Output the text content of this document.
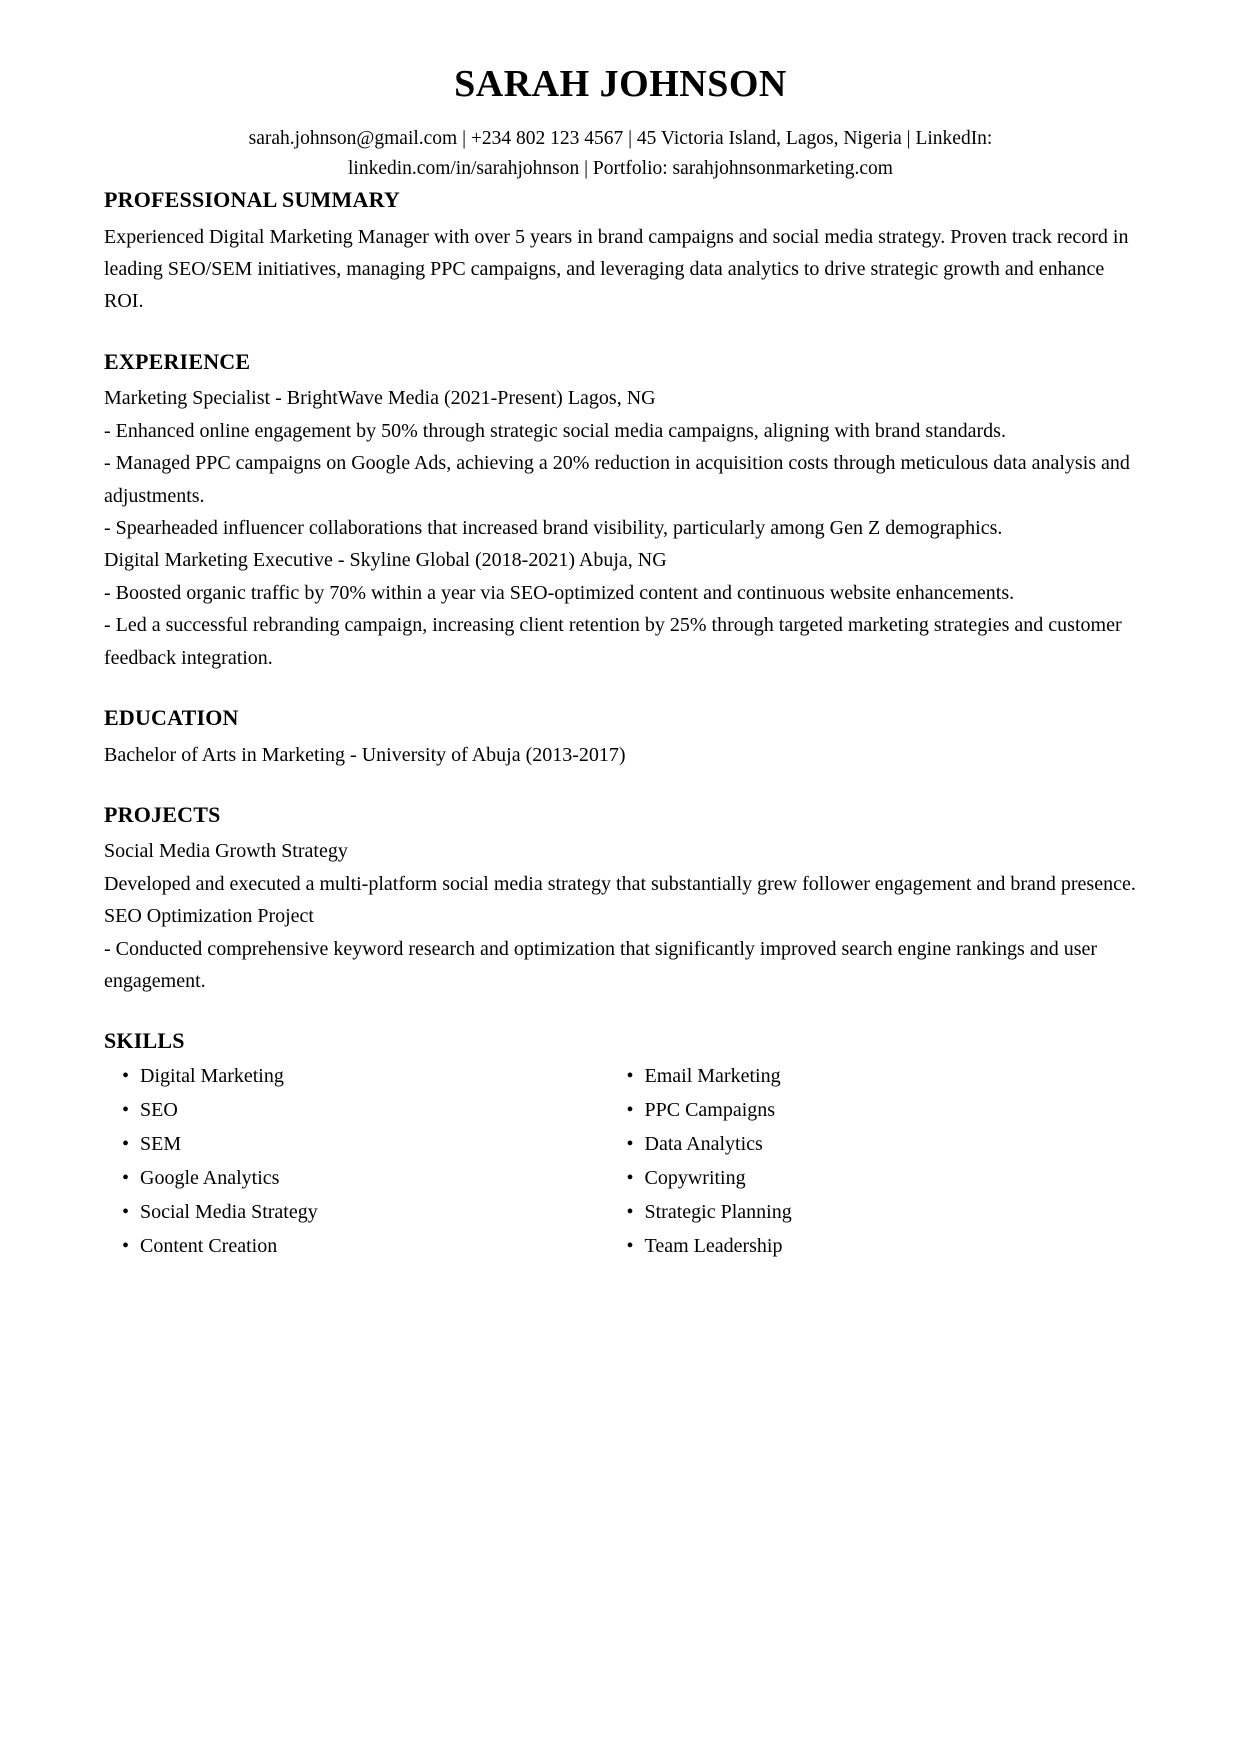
SARAH JOHNSON
sarah.johnson@gmail.com | +234 802 123 4567 | 45 Victoria Island, Lagos, Nigeria | LinkedIn:
linkedin.com/in/sarahjohnson | Portfolio: sarahjohnsonmarketing.com
PROFESSIONAL SUMMARY

Experienced Digital Marketing Manager with over 5 years in brand campaigns and social media strategy. Proven track record in leading SEO/SEM initiatives, managing PPC campaigns, and leveraging data analytics to drive strategic growth and enhance ROI.

EXPERIENCE

Marketing Specialist - BrightWave Media (2021-Present) Lagos, NG

- Enhanced online engagement by 50% through strategic social media campaigns, aligning with brand standards.

- Managed PPC campaigns on Google Ads, achieving a 20% reduction in acquisition costs through meticulous data analysis and adjustments.

- Spearheaded influencer collaborations that increased brand visibility, particularly among Gen Z demographics.

Digital Marketing Executive - Skyline Global (2018-2021) Abuja, NG

- Boosted organic traffic by 70% within a year via SEO-optimized content and continuous website enhancements.

- Led a successful rebranding campaign, increasing client retention by 25% through targeted marketing strategies and customer feedback integration.

EDUCATION

Bachelor of Arts in Marketing - University of Abuja (2013-2017)

PROJECTS

Social Media Growth Strategy

Developed and executed a multi-platform social media strategy that substantially grew follower engagement and brand presence.

SEO Optimization Project

- Conducted comprehensive keyword research and optimization that significantly improved search engine rankings and user engagement.

SKILLS

• Digital Marketing

• SEO

• SEM

• Google Analytics

• Social Media Strategy

• Content Creation

• Email Marketing

• PPC Campaigns

• Data Analytics

• Copywriting

• Strategic Planning

• Team Leadership
